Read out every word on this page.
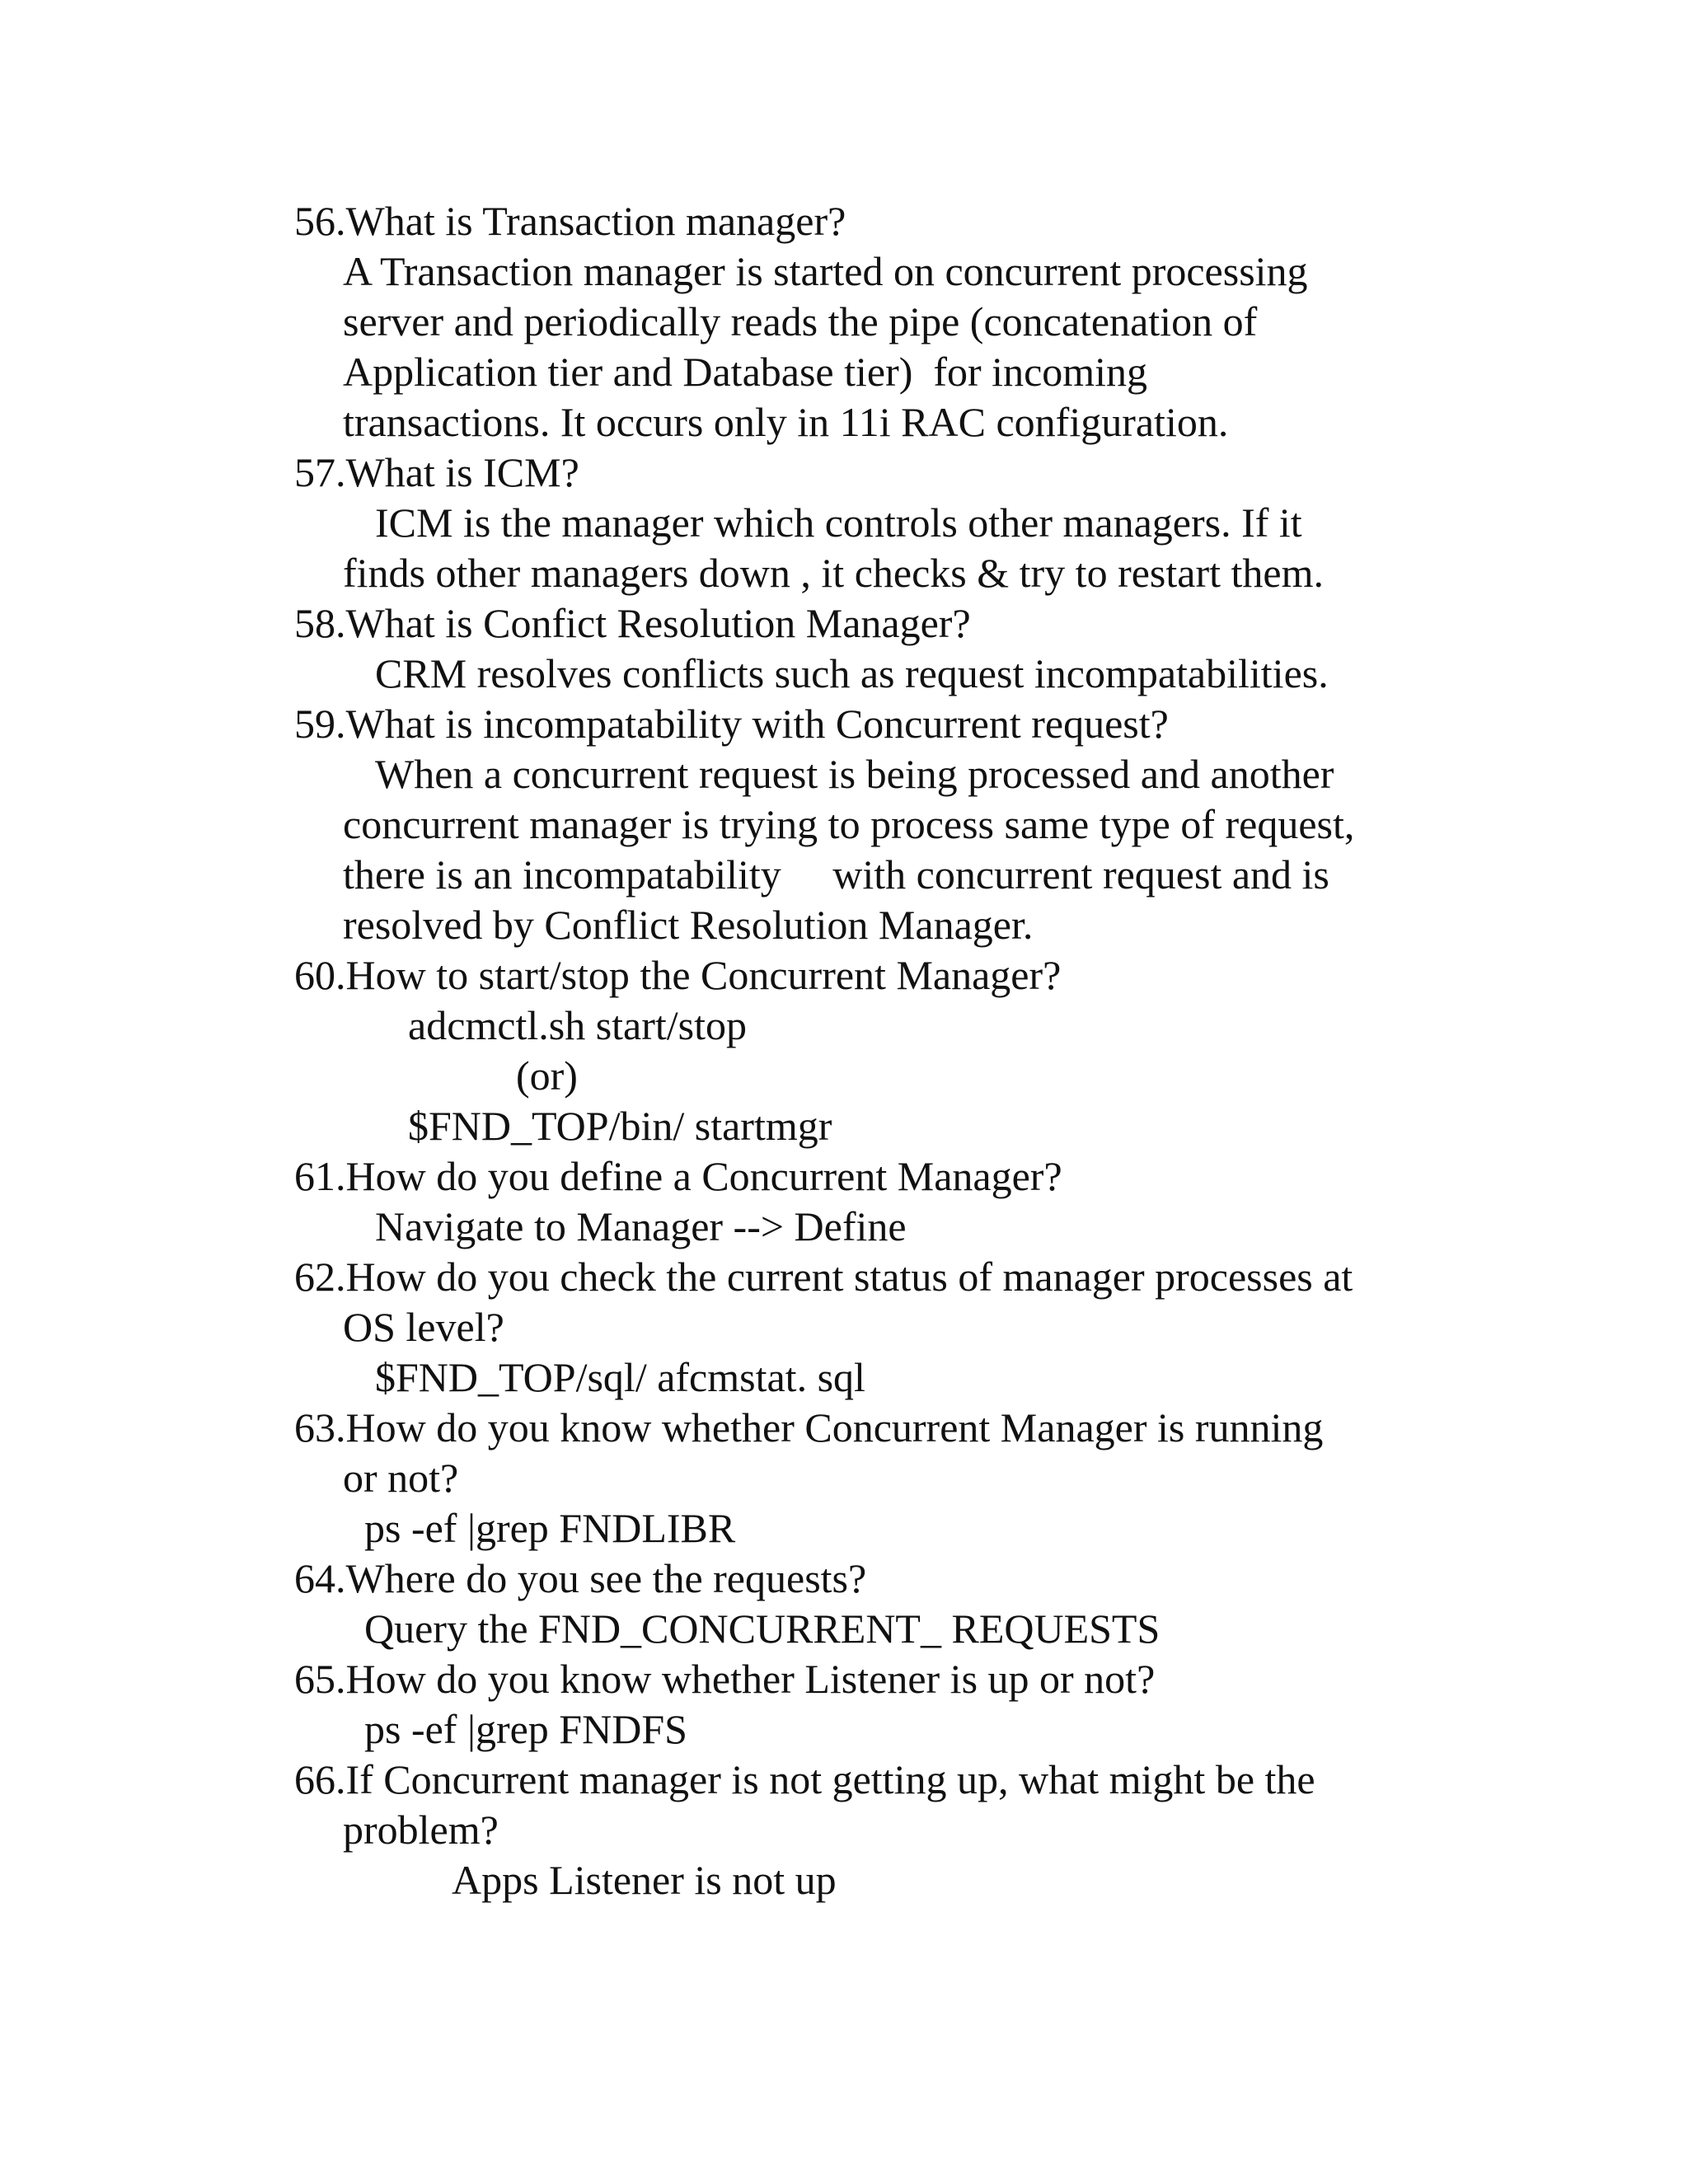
56.What is Transaction manager?

A Transaction manager is started on concurrent processing

server and periodically reads the pipe (concatenation of

Application tier and Database tier)  for incoming

transactions. It occurs only in 11i RAC configuration.

57.What is ICM?

ICM is the manager which controls other managers. If it

finds other managers down , it checks & try to restart them.

58.What is Confict Resolution Manager?

CRM resolves conflicts such as request incompatabilities.

59.What is incompatability with Concurrent request?

When a concurrent request is being processed and another

concurrent manager is trying to process same type of request,

there is an incompatability     with concurrent request and is

resolved by Conflict Resolution Manager.

60.How to start/stop the Concurrent Manager?

adcmctl.sh start/stop

(or)

$FND_TOP/bin/ startmgr

61.How do you define a Concurrent Manager?

Navigate to Manager --> Define

62.How do you check the current status of manager processes at

OS level?

$FND_TOP/sql/ afcmstat. sql

63.How do you know whether Concurrent Manager is running

or not?

ps -ef |grep FNDLIBR

64.Where do you see the requests?

Query the FND_CONCURRENT_ REQUESTS

65.How do you know whether Listener is up or not?

ps -ef |grep FNDFS

66.If Concurrent manager is not getting up, what might be the

problem?

Apps Listener is not up
